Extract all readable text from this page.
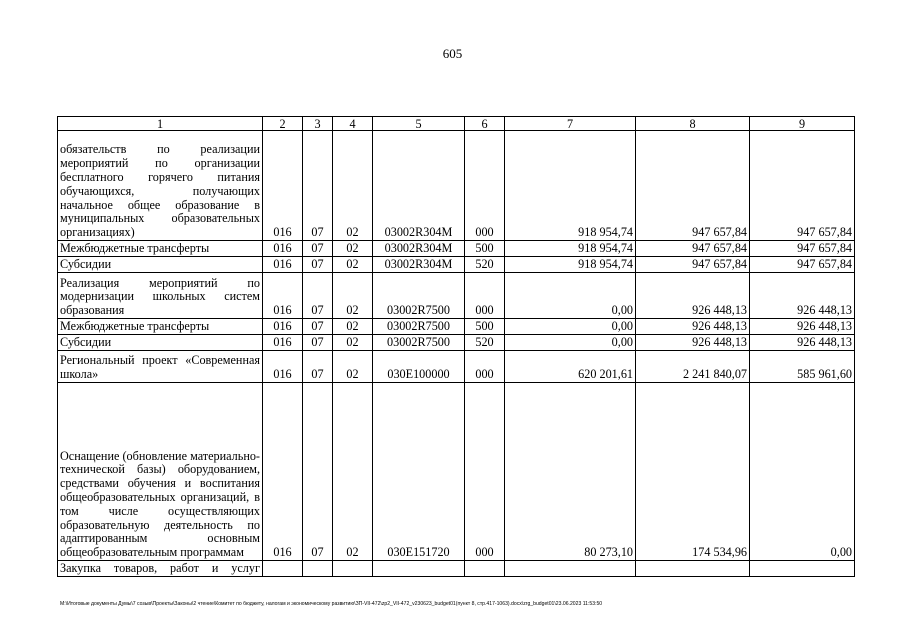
605
1	2	3	4	5	6	7	8	9
обязательств по реализации мероприятий по организации бесплатного горячего питания обучающихся, получающих начальное общее образование в муниципальных образовательных организациях)	016	07	02	03002R304M	000	918 954,74	947 657,84	947 657,84
Межбюджетные трансферты	016	07	02	03002R304M	500	918 954,74	947 657,84	947 657,84
Субсидии	016	07	02	03002R304M	520	918 954,74	947 657,84	947 657,84
Реализация мероприятий по модернизации школьных систем образования	016	07	02	03002R7500	000	0,00	926 448,13	926 448,13
Межбюджетные трансферты	016	07	02	03002R7500	500	0,00	926 448,13	926 448,13
Субсидии	016	07	02	03002R7500	520	0,00	926 448,13	926 448,13
Региональный проект «Современная школа»	016	07	02	030Е100000	000	620 201,61	2 241 840,07	585 961,60
Оснащение (обновление материально-технической базы) оборудованием, средствами обучения и воспитания общеобразовательных организаций, в том числе осуществляющих образовательную деятельность по адаптированным основным общеобразовательным программам	016	07	02	030Е151720	000	80 273,10	174 534,96	0,00
Закупка товаров, работ и услуг								
M:\Итоговые документы Думы\7 созыв\Проекты\Законы\2 чтение\Комитет по бюджету, налогам и экономическому развитию\ЗП-VII-472\zp2_VII-472_v230623_budget01(пункт 8, стр.417-1063).docx\zrg_budget01\23.06.2023 11:53:50
